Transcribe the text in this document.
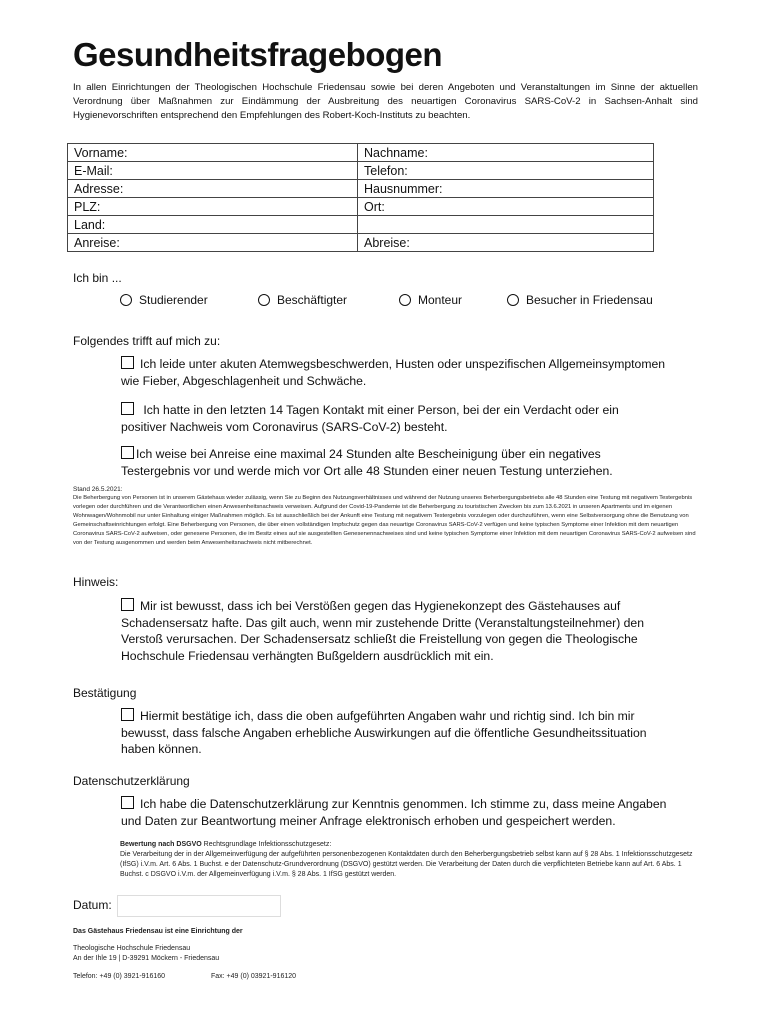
Gesundheitsfragebogen
In allen Einrichtungen der Theologischen Hochschule Friedensau sowie bei deren Angeboten und Veranstaltungen im Sinne der aktuellen Verordnung über Maßnahmen zur Eindämmung der Ausbreitung des neuartigen Coronavirus SARS-CoV-2 in Sachsen-Anhalt sind Hygienevorschriften entsprechend den Empfehlungen des Robert-Koch-Instituts zu beachten.
Vorname:	Nachname:
E-Mail:	Telefon:
Adresse:	Hausnummer:
PLZ:	Ort:
Land:	
Anreise:	Abreise:
Ich bin ...
Studierender	Beschäftigter	Monteur	Besucher in Friedensau
Folgendes trifft auf mich zu:
Ich leide unter akuten Atemwegsbeschwerden, Husten oder unspezifischen Allgemeinsymptomen
wie Fieber, Abgeschlagenheit und Schwäche.
Ich hatte in den letzten 14 Tagen Kontakt mit einer Person, bei der ein Verdacht oder ein
positiver Nachweis vom Coronavirus (SARS-CoV-2) besteht.
Ich weise bei Anreise eine maximal 24 Stunden alte Bescheinigung über ein negatives
Testergebnis vor und werde mich vor Ort alle 48 Stunden einer neuen Testung unterziehen.
Stand 26.5.2021:
Die Beherbergung von Personen ist in unserem Gästehaus wieder zulässig, wenn Sie zu Beginn des Nutzungsverhältnisses und während der Nutzung unseres Beherbergungsbetriebs alle 48 Stunden eine Testung mit negativem Testergebnis vorlegen oder durchführen und die Verantwortlichen einen Anwesenheitsnachweis verweisen. Aufgrund der Covid-19-Pandemie ist die Beherbergung zu touristischen Zwecken bis zum 13.6.2021 in unseren Apartments und im eigenen Wohnwagen/Wohnmobil nur unter Einhaltung einiger Maßnahmen möglich. Es ist ausschließlich bei der Ankunft eine Testung mit negativem Testergebnis vorzulegen oder durchzuführen, wenn eine Selbstversorgung ohne die Benutzung von Gemeinschaftseinrichtungen erfolgt. Eine Beherbergung von Personen, die über einen vollständigen Impfschutz gegen das neuartige Coronavirus SARS-CoV-2 verfügen und keine typischen Symptome einer Infektion mit dem neuartigen Coronavirus SARS-CoV-2 aufweisen, oder genesene Personen, die im Besitz eines auf sie ausgestellten Genesenennachweises sind und keine typischen Symptome einer Infektion mit dem neuartigen Coronavirus SARS-CoV-2 aufweisen sind von der Testung ausgenommen und werden beim Anwesenheitsnachweis nicht mitberechnet.
Hinweis:
Mir ist bewusst, dass ich bei Verstößen gegen das Hygienekonzept des Gästehauses auf
Schadensersatz hafte. Das gilt auch, wenn mir zustehende Dritte (Veranstaltungsteilnehmer) den
Verstoß verursachen. Der Schadensersatz schließt die Freistellung von gegen die Theologische
Hochschule Friedensau verhängten Bußgeldern ausdrücklich mit ein.
Bestätigung
Hiermit bestätige ich, dass die oben aufgeführten Angaben wahr und richtig sind. Ich bin mir
bewusst, dass falsche Angaben erhebliche Auswirkungen auf die öffentliche Gesundheitssituation
haben können.
Datenschutzerklärung
Ich habe die Datenschutzerklärung zur Kenntnis genommen. Ich stimme zu, dass meine Angaben
und Daten zur Beantwortung meiner Anfrage elektronisch erhoben und gespeichert werden.
Bewertung nach DSGVO Rechtsgrundlage Infektionsschutzgesetz:
Die Verarbeitung der in der Allgemeinverfügung der aufgeführten personenbezogenen Kontaktdaten durch den Beherbergungsbetrieb selbst kann auf § 28 Abs. 1 Infektionsschutzgesetz (IfSG) i.V.m. Art. 6 Abs. 1 Buchst. e der Datenschutz-Grundverordnung (DSGVO) gestützt werden. Die Verarbeitung der Daten durch die verpflichteten Betriebe kann auf Art. 6 Abs. 1 Buchst. c DSGVO i.V.m. der Allgemeinverfügung i.V.m. § 28 Abs. 1 IfSG gestützt werden.
Datum:
Das Gästehaus Friedensau ist eine Einrichtung der
Theologische Hochschule Friedensau
An der Ihle 19 | D-39291 Möckern - Friedensau
Telefon: +49 (0) 3921-916160	Fax: +49 (0) 03921-916120
